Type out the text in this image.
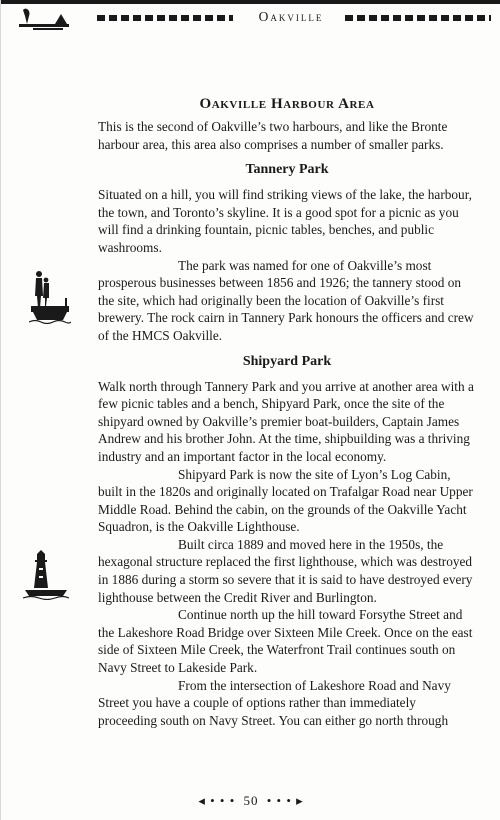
Oakville
Oakville Harbour Area

This is the second of Oakville’s two harbours, and like the Bronte harbour area, this area also comprises a number of smaller parks.

Tannery Park

Situated on a hill, you will find striking views of the lake, the harbour, the town, and Toronto’s skyline. It is a good spot for a picnic as you will find a drinking fountain, picnic tables, benches, and public washrooms.

The park was named for one of Oakville’s most prosperous businesses between 1856 and 1926; the tannery stood on the site, which had originally been the location of Oakville’s first brewery. The rock cairn in Tannery Park honours the officers and crew of the HMCS Oakville.

Shipyard Park

Walk north through Tannery Park and you arrive at another area with a few picnic tables and a bench, Shipyard Park, once the site of the shipyard owned by Oakville’s premier boat-builders, Captain James Andrew and his brother John. At the time, shipbuilding was a thriving industry and an important factor in the local economy.

Shipyard Park is now the site of Lyon’s Log Cabin, built in the 1820s and originally located on Trafalgar Road near Upper Middle Road. Behind the cabin, on the grounds of the Oakville Yacht Squadron, is the Oakville Lighthouse.

Built circa 1889 and moved here in the 1950s, the hexagonal structure replaced the first lighthouse, which was destroyed in 1886 during a storm so severe that it is said to have destroyed every lighthouse between the Credit River and Burlington.

Continue north up the hill toward Forsythe Street and the Lakeshore Road Bridge over Sixteen Mile Creek. Once on the east side of Sixteen Mile Creek, the Waterfront Trail continues south on Navy Street to Lakeside Park.

From the intersection of Lakeshore Road and Navy Street you have a couple of options rather than immediately proceeding south on Navy Street. You can either go north through

◂ • • • 50 • • • ▸
